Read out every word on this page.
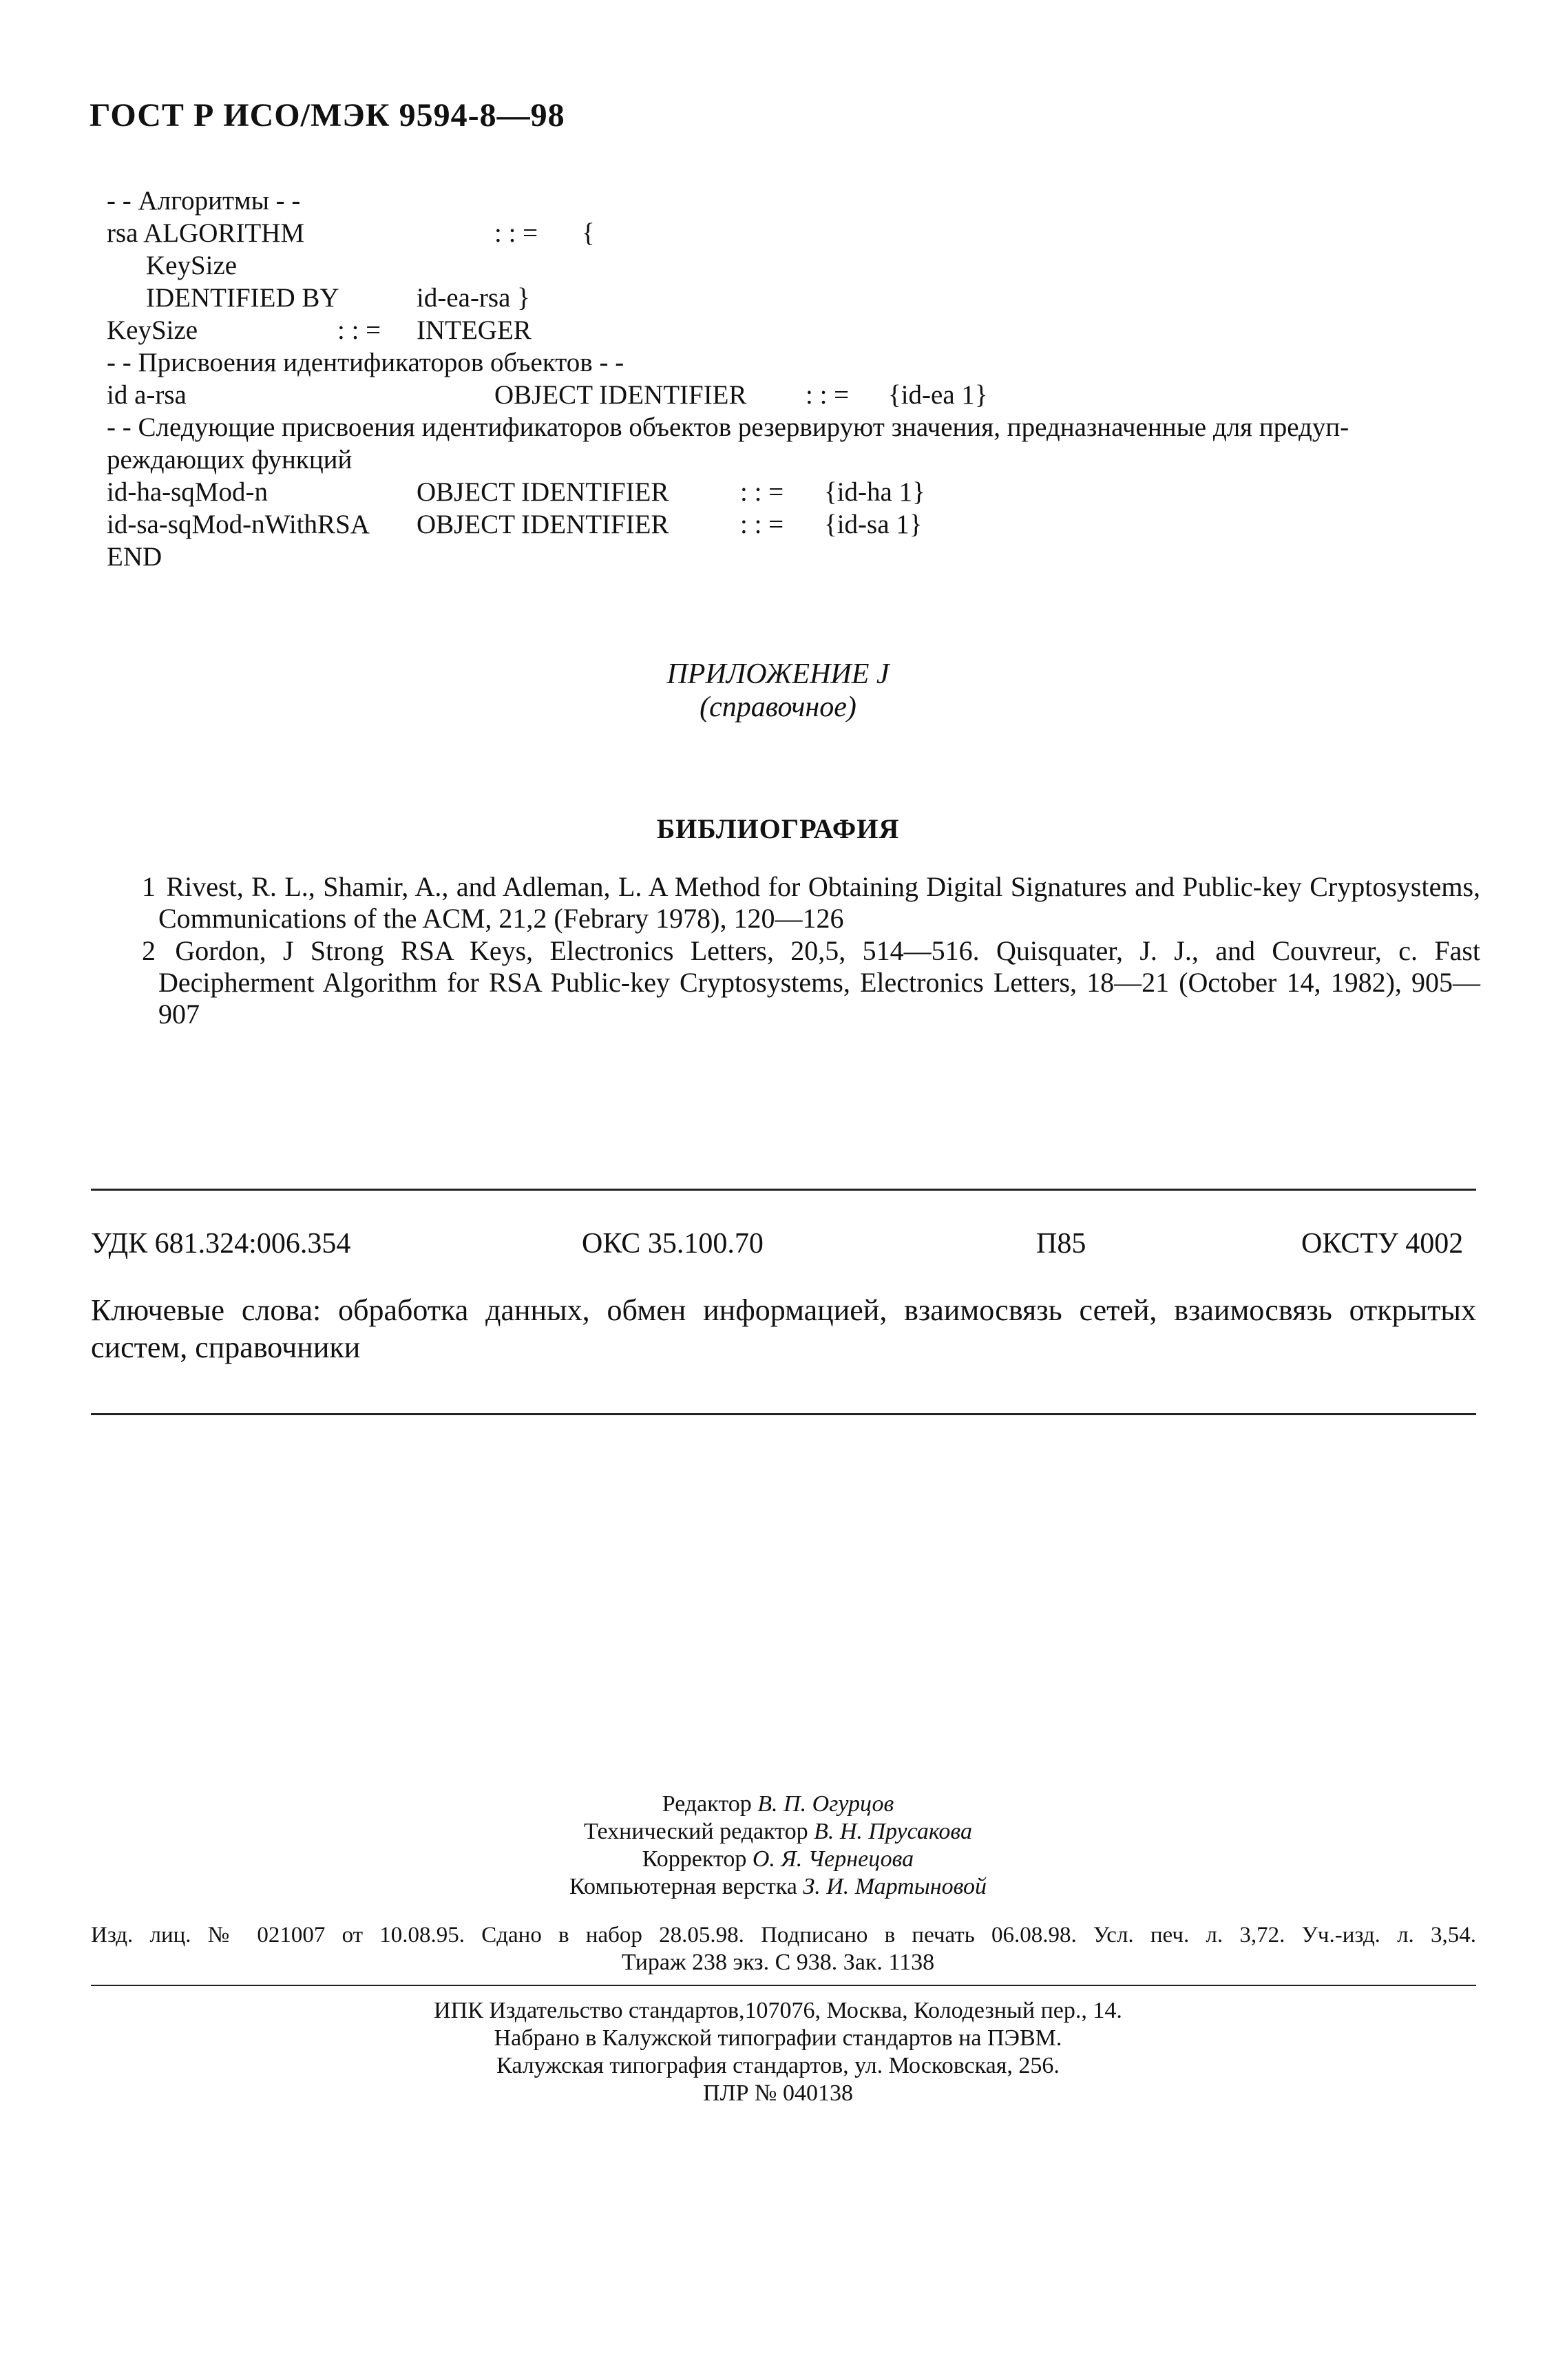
ГОСТ Р ИСО/МЭК 9594-8—98
- - Алгоритмы - -
rsa ALGORITHM	: : = {
KeySize
IDENTIFIED BY	id-ea-rsa }
KeySize	: : = INTEGER
- - Присвоения идентификаторов объектов - -
id a-rsa	OBJECT IDENTIFIER : : = {id-ea 1}
- - Следующие присвоения идентификаторов объектов резервируют значения, предназначенные для предуп-
реждающих функций
id-ha-sqMod-n	OBJECT IDENTIFIER	: : = {id-ha 1}
id-sa-sqMod-nWithRSA OBJECT IDENTIFIER	: : = {id-sa 1}
END
ПРИЛОЖЕНИЕ J
(справочное)
БИБЛИОГРАФИЯ
1 Rivest, R. L., Shamir, A., and Adleman, L. A Method for Obtaining Digital Signatures and Public-key Cryptosystems, Communications of the ACM, 21,2 (Febrary 1978), 120—126
2 Gordon, J Strong RSA Keys, Electronics Letters, 20,5, 514—516. Quisquater, J. J., and Couvreur, c. Fast Decipherment Algorithm for RSA Public-key Cryptosystems, Electronics Letters, 18—21 (October 14, 1982), 905—907
УДК 681.324:006.354	ОКС 35.100.70	П85	ОКСТУ 4002
Ключевые слова: обработка данных, обмен информацией, взаимосвязь сетей, взаимосвязь открытых систем, справочники
Редактор В. П. Огурцов
Технический редактор В. Н. Прусакова
Корректор О. Я. Чернецова
Компьютерная верстка З. И. Мартыновой
Изд. лиц. № 021007 от 10.08.95. Сдано в набор 28.05.98. Подписано в печать 06.08.98. Усл. печ. л. 3,72. Уч.-изд. л. 3,54.
Тираж 238 экз. С 938. Зак. 1138
ИПК Издательство стандартов,107076, Москва, Колодезный пер., 14.
Набрано в Калужской типографии стандартов на ПЭВМ.
Калужская типография стандартов, ул. Московская, 256.
ПЛР № 040138
